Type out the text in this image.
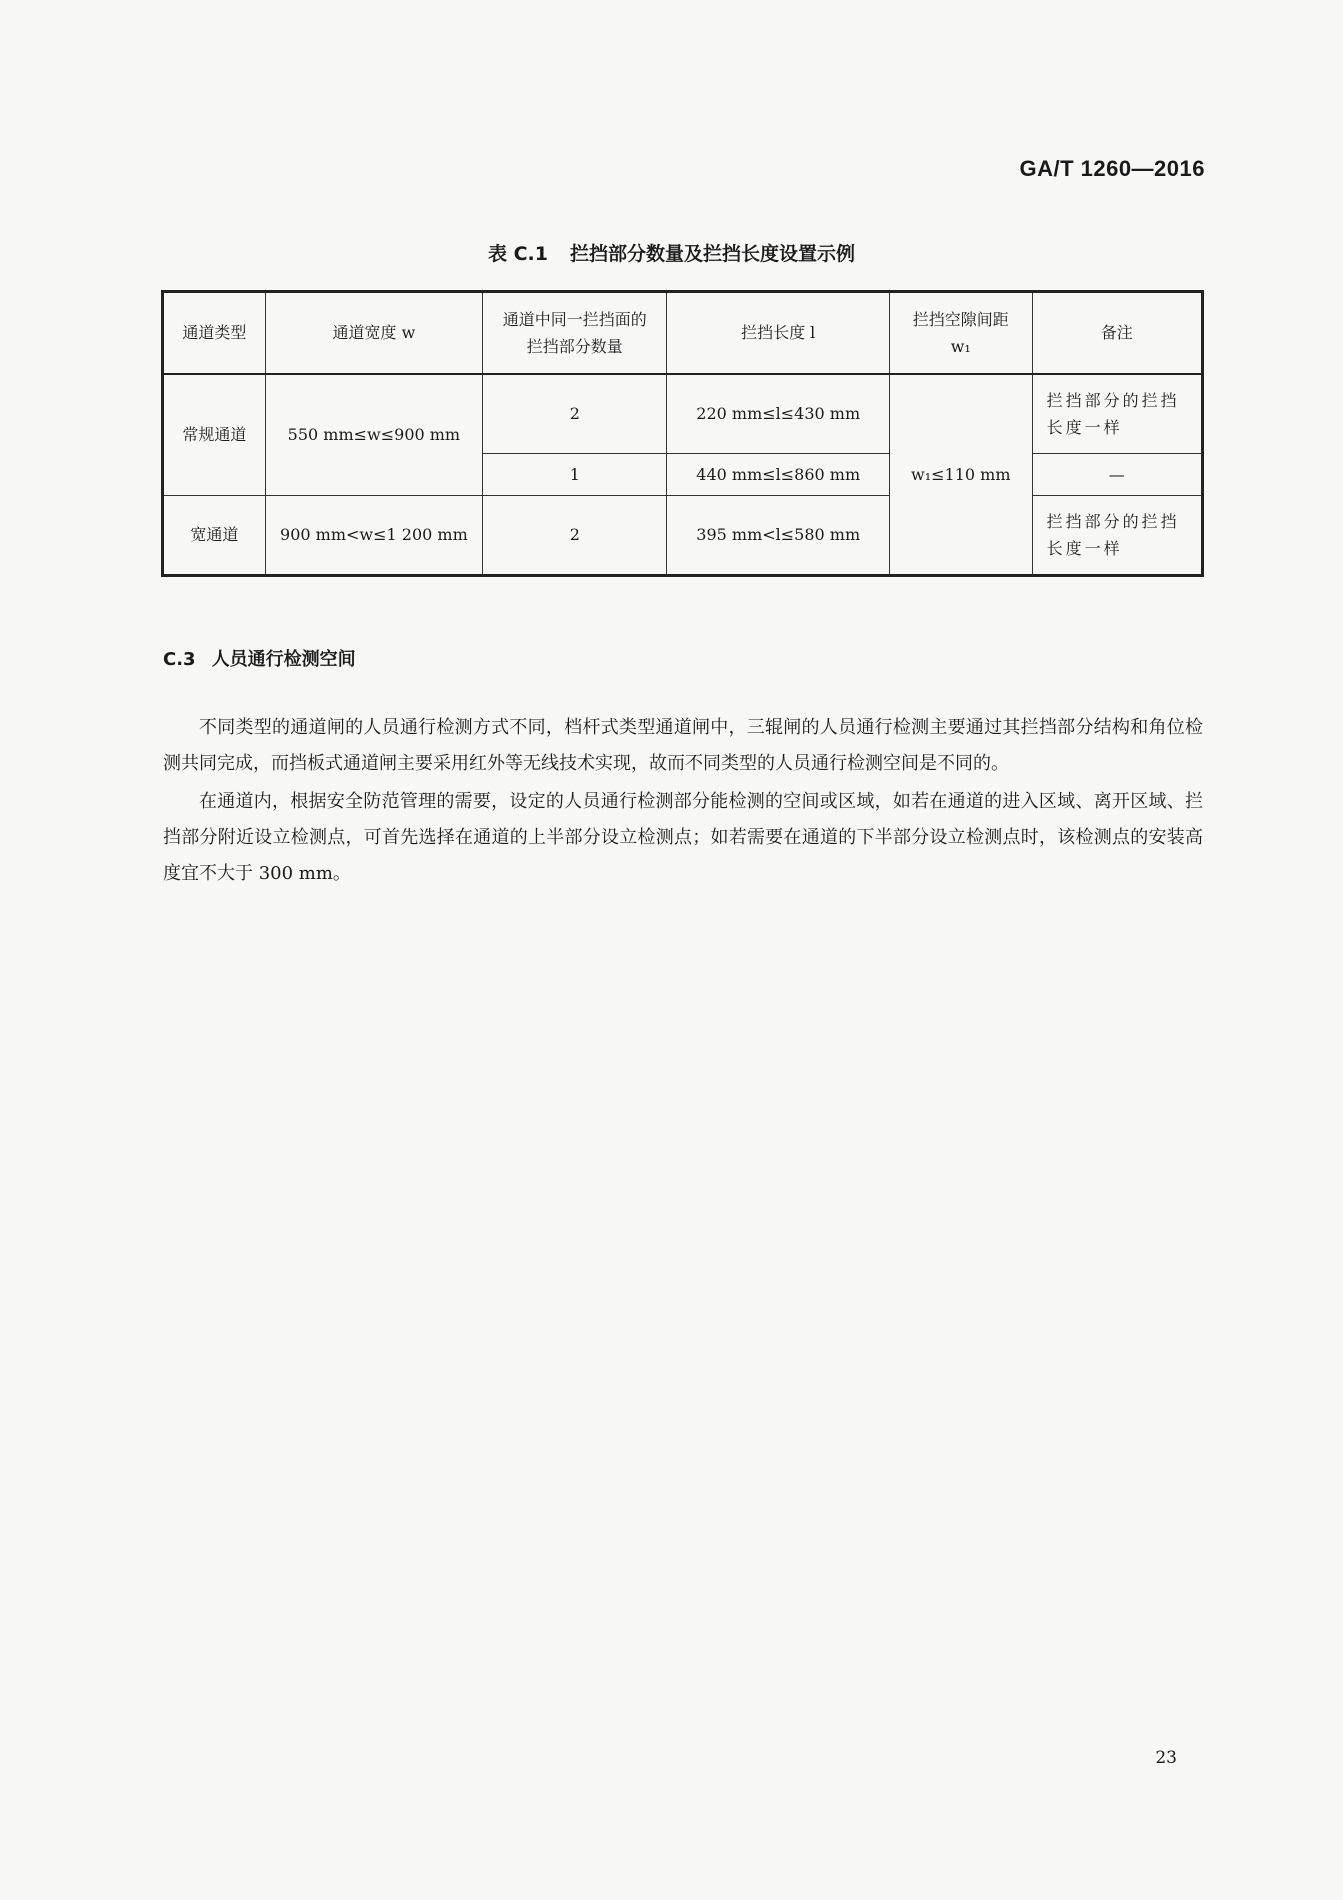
GA/T 1260—2016
表 C.1 拦挡部分数量及拦挡长度设置示例
通道类型	通道宽度 w	通道中同一拦挡面的拦挡部分数量	拦挡长度 l	拦挡空隙间距 w₁	备注
常规通道	550 mm≤w≤900 mm	2	220 mm≤l≤430 mm	w₁≤110 mm	拦挡部分的拦挡长度一样
		1	440 mm≤l≤860 mm		—
宽通道	900 mm<w≤1 200 mm	2	395 mm<l≤580 mm		拦挡部分的拦挡长度一样
C.3 人员通行检测空间

不同类型的通道闸的人员通行检测方式不同，档杆式类型通道闸中，三辊闸的人员通行检测主要通过其拦挡部分结构和角位检测共同完成，而挡板式通道闸主要采用红外等无线技术实现，故而不同类型的人员通行检测空间是不同的。

在通道内，根据安全防范管理的需要，设定的人员通行检测部分能检测的空间或区域，如若在通道的进入区域、离开区域、拦挡部分附近设立检测点，可首先选择在通道的上半部分设立检测点；如若需要在通道的下半部分设立检测点时，该检测点的安装高度宜不大于 300 mm。

23
